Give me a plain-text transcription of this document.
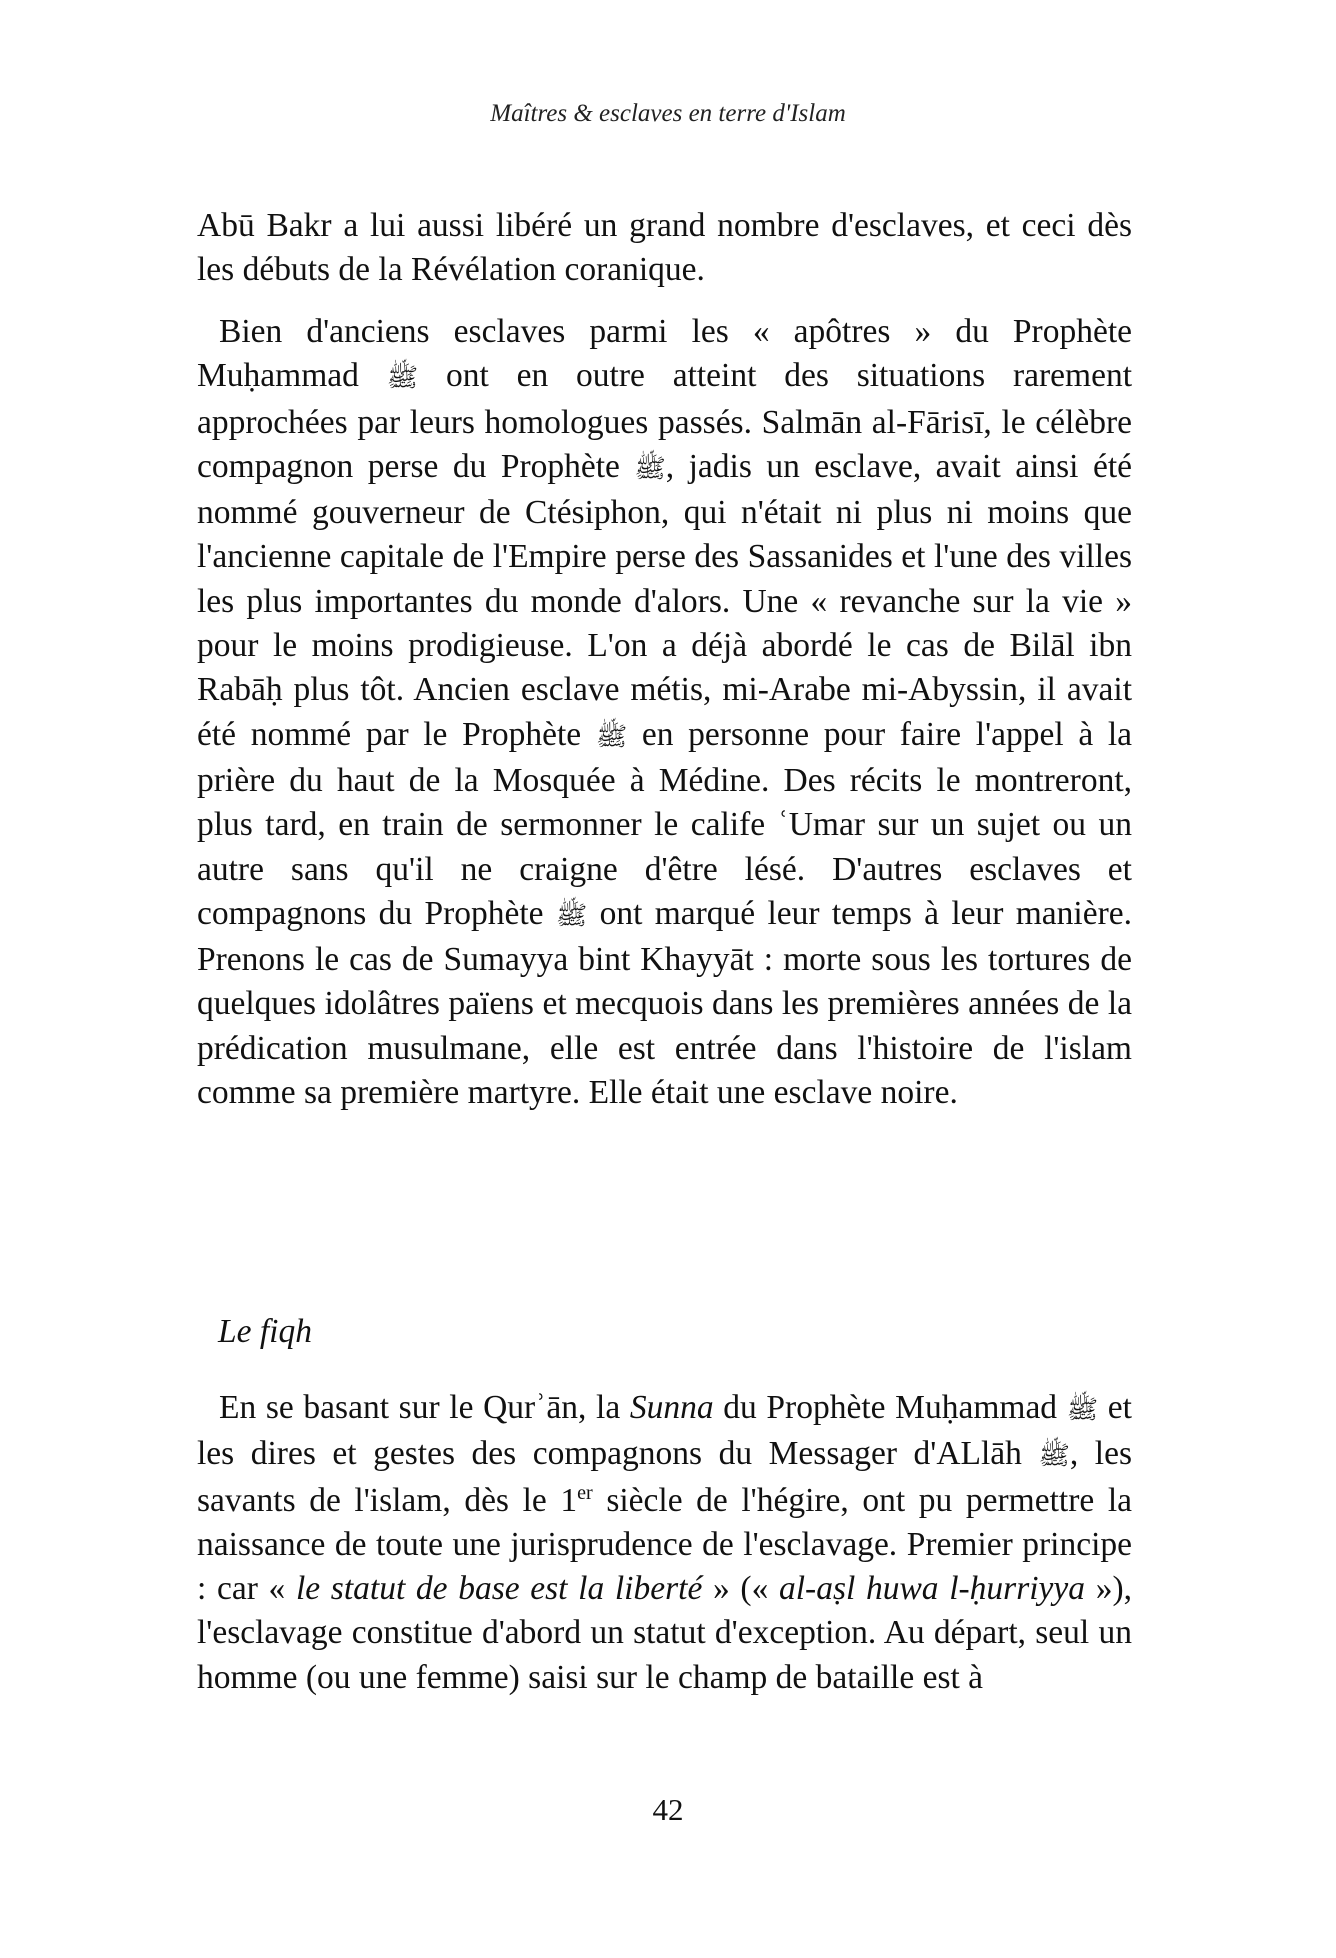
Maîtres & esclaves en terre d'Islam

Abū Bakr a lui aussi libéré un grand nombre d'esclaves, et ceci dès les débuts de la Révélation coranique.

Bien d'anciens esclaves parmi les « apôtres » du Prophète Muḥammad ﷺ ont en outre atteint des situations rarement approchées par leurs homologues passés. Salmān al-Fārisī, le célèbre compagnon perse du Prophète ﷺ, jadis un esclave, avait ainsi été nommé gouverneur de Ctésiphon, qui n'était ni plus ni moins que l'ancienne capitale de l'Empire perse des Sassanides et l'une des villes les plus importantes du monde d'alors. Une « revanche sur la vie » pour le moins prodigieuse. L'on a déjà abordé le cas de Bilāl ibn Rabāḥ plus tôt. Ancien esclave métis, mi-Arabe mi-Abyssin, il avait été nommé par le Prophète ﷺ en personne pour faire l'appel à la prière du haut de la Mosquée à Médine. Des récits le montreront, plus tard, en train de sermonner le calife ʿUmar sur un sujet ou un autre sans qu'il ne craigne d'être lésé. D'autres esclaves et compagnons du Prophète ﷺ ont marqué leur temps à leur manière. Prenons le cas de Sumayya bint Khayyāt : morte sous les tortures de quelques idolâtres païens et mecquois dans les premières années de la prédication musulmane, elle est entrée dans l'histoire de l'islam comme sa première martyre. Elle était une esclave noire.

Le fiqh

En se basant sur le Qurʾān, la Sunna du Prophète Muḥammad ﷺ et les dires et gestes des compagnons du Messager d'ALlāh ﷺ, les savants de l'islam, dès le 1er siècle de l'hégire, ont pu permettre la naissance de toute une jurisprudence de l'esclavage. Premier principe : car « le statut de base est la liberté » (« al-aṣl huwa l-ḥurriyya »), l'esclavage constitue d'abord un statut d'exception. Au départ, seul un homme (ou une femme) saisi sur le champ de bataille est à

42
